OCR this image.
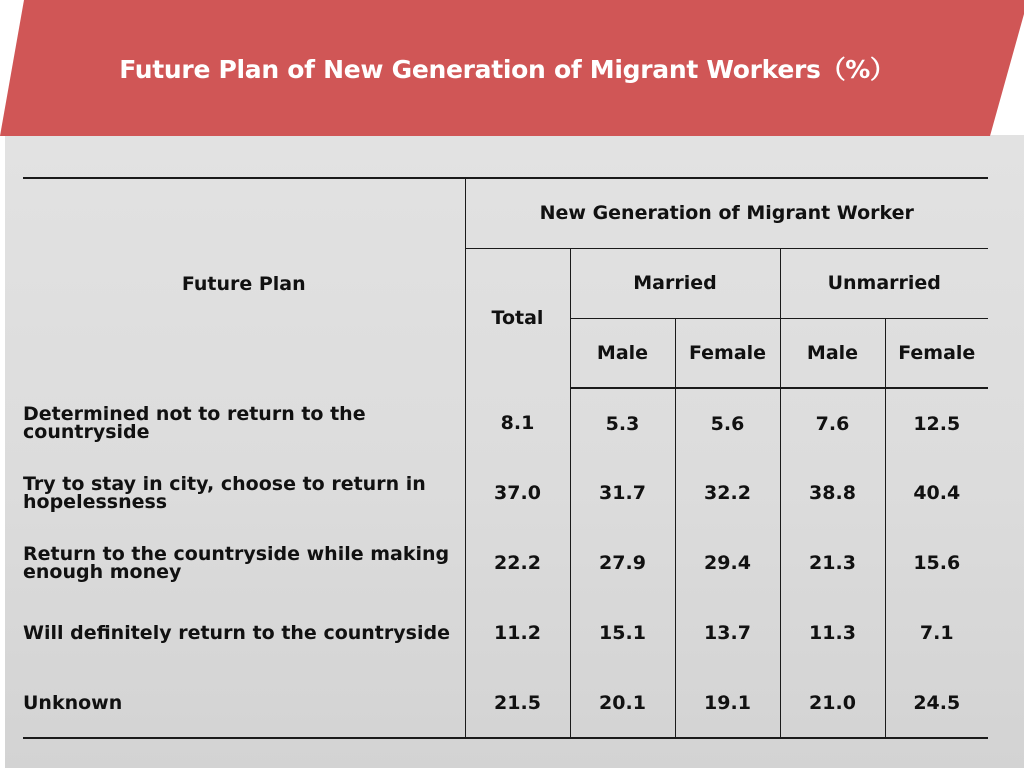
Future Plan of New Generation of Migrant Workers（%）
Future Plan	New Generation of Migrant Worker				
	Total	Married		Unmarried	
		Male	Female	Male	Female
Determined not to return to the countryside	8.1	5.3	5.6	7.6	12.5
Try to stay in city, choose to return in hopelessness	37.0	31.7	32.2	38.8	40.4
Return to the countryside while making enough money	22.2	27.9	29.4	21.3	15.6
Will definitely return to the countryside	11.2	15.1	13.7	11.3	7.1
Unknown	21.5	20.1	19.1	21.0	24.5
